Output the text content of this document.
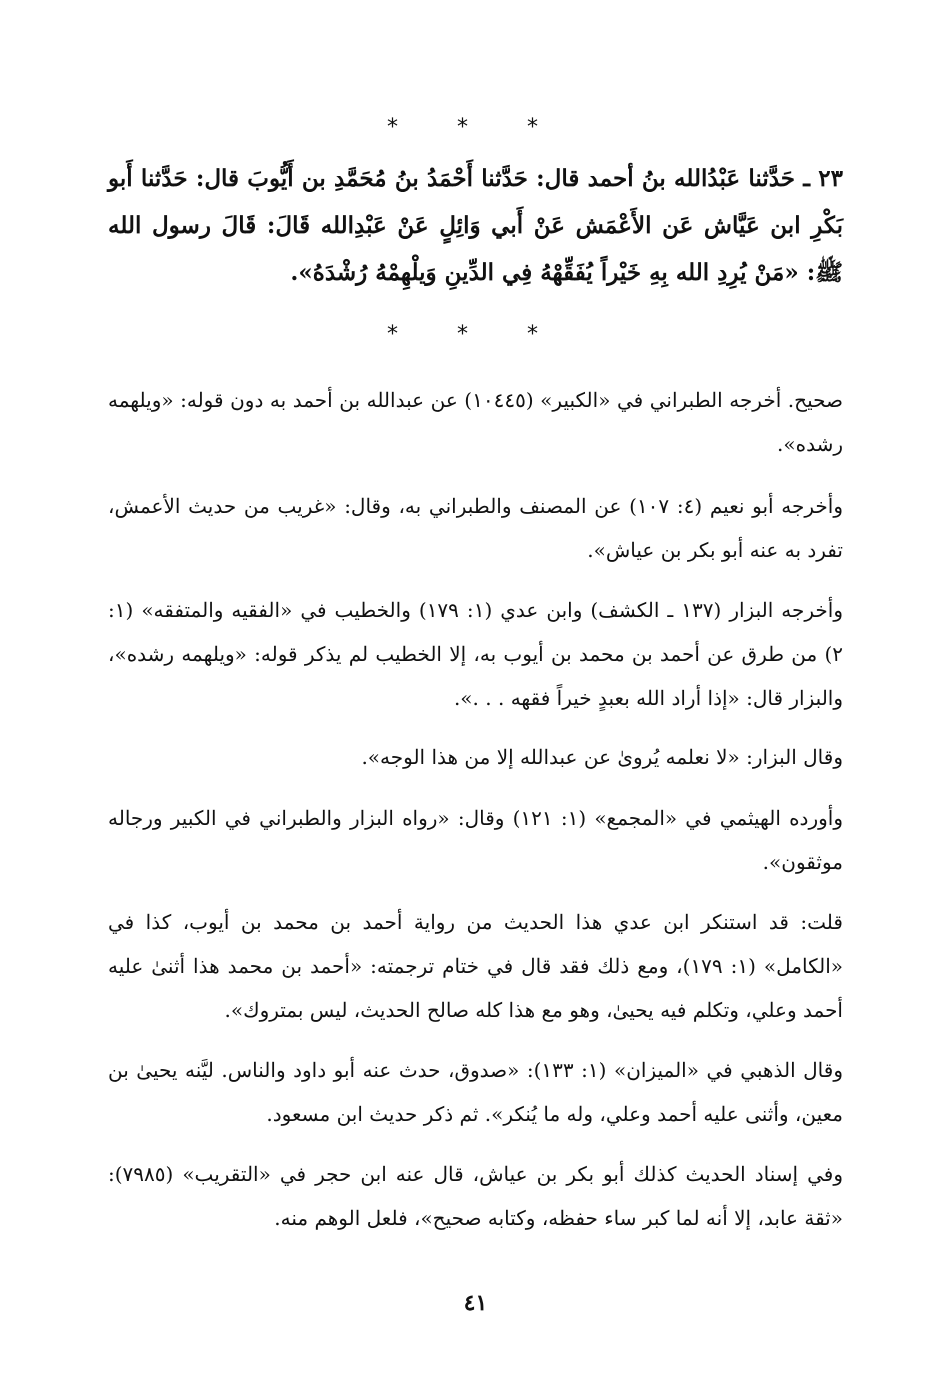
* * *
٢٣ ـ حَدَّثنا عَبْدُالله بنُ أحمد قال: حَدَّثنا أَحْمَدُ بنُ مُحَمَّدِ بن أَيُّوبَ قال: حَدَّثنا أَبو بَكْرِ ابن عَيَّاش عَن الأَعْمَش عَنْ أَبي وَائِلٍ عَنْ عَبْدِالله قَالَ: قَالَ رسول الله ﷺ: «مَنْ يُرِدِ الله بِهِ خَيْراً يُفَقِّهْهُ فِي الدِّينِ وَيلْهِمْهُ رُشْدَهُ».
* * *

صحيح. أخرجه الطبراني في «الكبير» (١٠٤٤٥) عن عبدالله بن أحمد به دون قوله: «ويلهمه رشده».

وأخرجه أبو نعيم (٤: ١٠٧) عن المصنف والطبراني به، وقال: «غريب من حديث الأعمش، تفرد به عنه أبو بكر بن عياش».

وأخرجه البزار (١٣٧ ـ الكشف) وابن عدي (١: ١٧٩) والخطيب في «الفقيه والمتفقه» (١: ٢) من طرق عن أحمد بن محمد بن أيوب به، إلا الخطيب لم يذكر قوله: «ويلهمه رشده»، والبزار قال: «إذا أراد الله بعبدٍ خيراً فقهه . . .».

وقال البزار: «لا نعلمه يُروىٰ عن عبدالله إلا من هذا الوجه».

وأورده الهيثمي في «المجمع» (١: ١٢١) وقال: «رواه البزار والطبراني في الكبير ورجاله موثقون».

قلت: قد استنكر ابن عدي هذا الحديث من رواية أحمد بن محمد بن أيوب، كذا في «الكامل» (١: ١٧٩)، ومع ذلك فقد قال في ختام ترجمته: «أحمد بن محمد هذا أثنىٰ عليه أحمد وعلي، وتكلم فيه يحيىٰ، وهو مع هذا كله صالح الحديث، ليس بمتروك».

وقال الذهبي في «الميزان» (١: ١٣٣): «صدوق، حدث عنه أبو داود والناس. ليَّنه يحيىٰ بن معين، وأثنى عليه أحمد وعلي، وله ما يُنكر». ثم ذكر حديث ابن مسعود.

وفي إسناد الحديث كذلك أبو بكر بن عياش، قال عنه ابن حجر في «التقريب» (٧٩٨٥): «ثقة عابد، إلا أنه لما كبر ساء حفظه، وكتابه صحيح»، فلعل الوهم منه.

٤١
